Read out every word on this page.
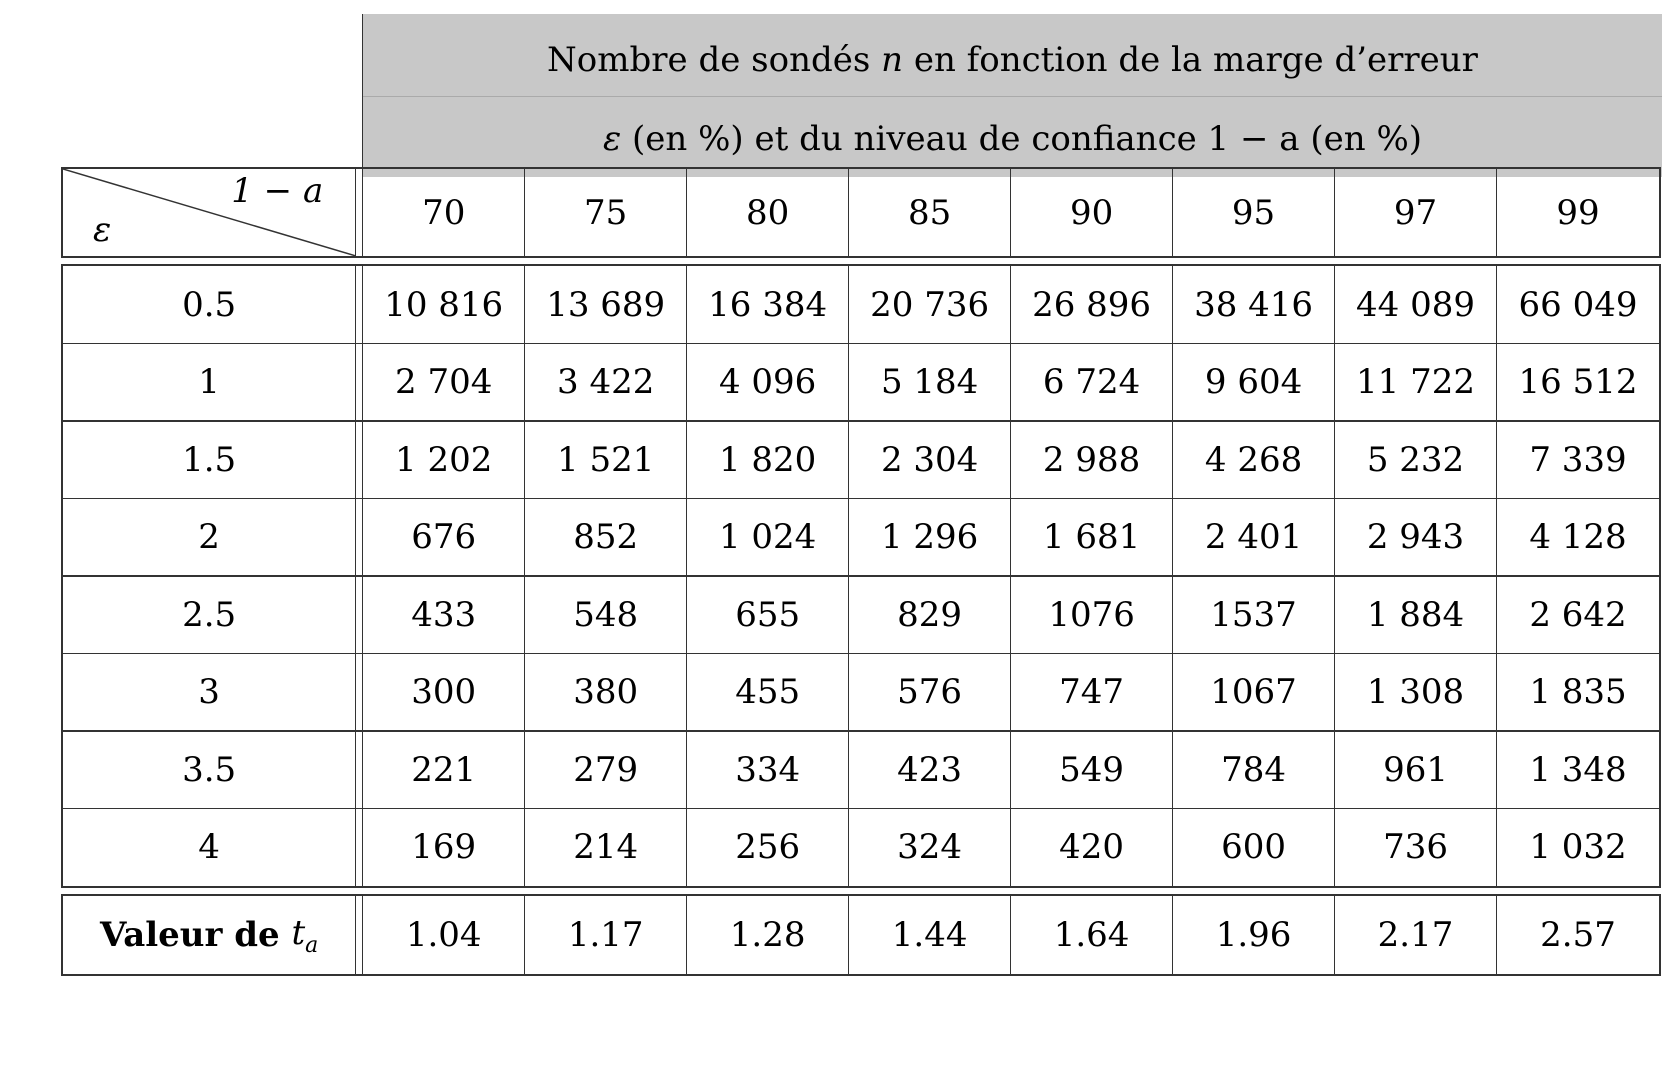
Nombre de sondés n en fonction de la marge d’erreur
ε (en %) et du niveau de confiance 1 − a (en %)
1 − a
ε	70	75	80	85	90	95	97	99
0.5	10 816	13 689	16 384	20 736	26 896	38 416	44 089	66 049
1	2 704	3 422	4 096	5 184	6 724	9 604	11 722	16 512
1.5	1 202	1 521	1 820	2 304	2 988	4 268	5 232	7 339
2	676	852	1 024	1 296	1 681	2 401	2 943	4 128
2.5	433	548	655	829	1076	1537	1 884	2 642
3	300	380	455	576	747	1067	1 308	1 835
3.5	221	279	334	423	549	784	961	1 348
4	169	214	256	324	420	600	736	1 032
Valeur de
$t_a$	1.04	1.17	1.28	1.44	1.64	1.96	2.17	2.57
